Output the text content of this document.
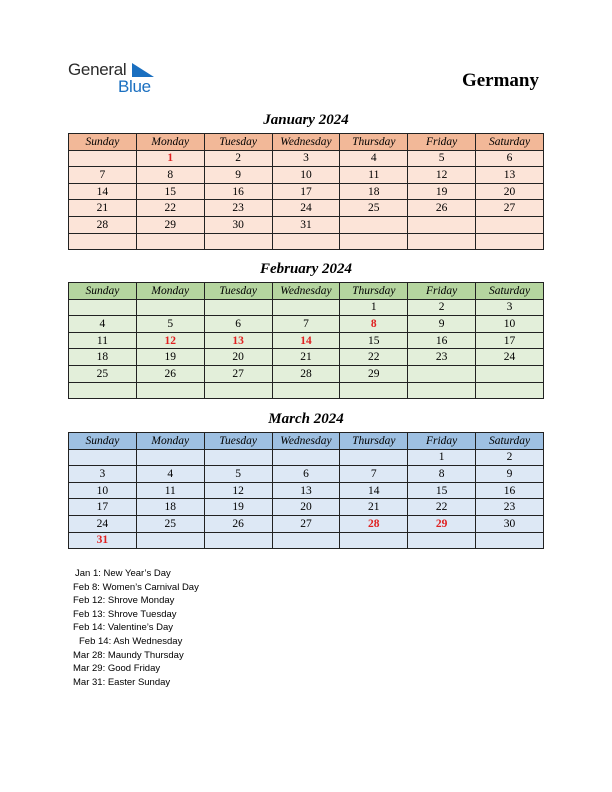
General
Blue	Germany
January 2024
Sunday	Monday	Tuesday	Wednesday	Thursday	Friday	Saturday
	1	2	3	4	5	6
7	8	9	10	11	12	13
14	15	16	17	18	19	20
21	22	23	24	25	26	27
28	29	30	31			

February 2024
Sunday	Monday	Tuesday	Wednesday	Thursday	Friday	Saturday
				1	2	3
4	5	6	7	8	9	10
11	12	13	14	15	16	17
18	19	20	21	22	23	24
25	26	27	28	29		

March 2024
Sunday	Monday	Tuesday	Wednesday	Thursday	Friday	Saturday
					1	2
3	4	5	6	7	8	9
10	11	12	13	14	15	16
17	18	19	20	21	22	23
24	25	26	27	28	29	30
31						
Jan 1: New Year’s Day
Feb 8: Women’s Carnival Day
Feb 12: Shrove Monday
Feb 13: Shrove Tuesday
Feb 14: Valentine’s Day
Feb 14: Ash Wednesday
Mar 28: Maundy Thursday
Mar 29: Good Friday
Mar 31: Easter Sunday
